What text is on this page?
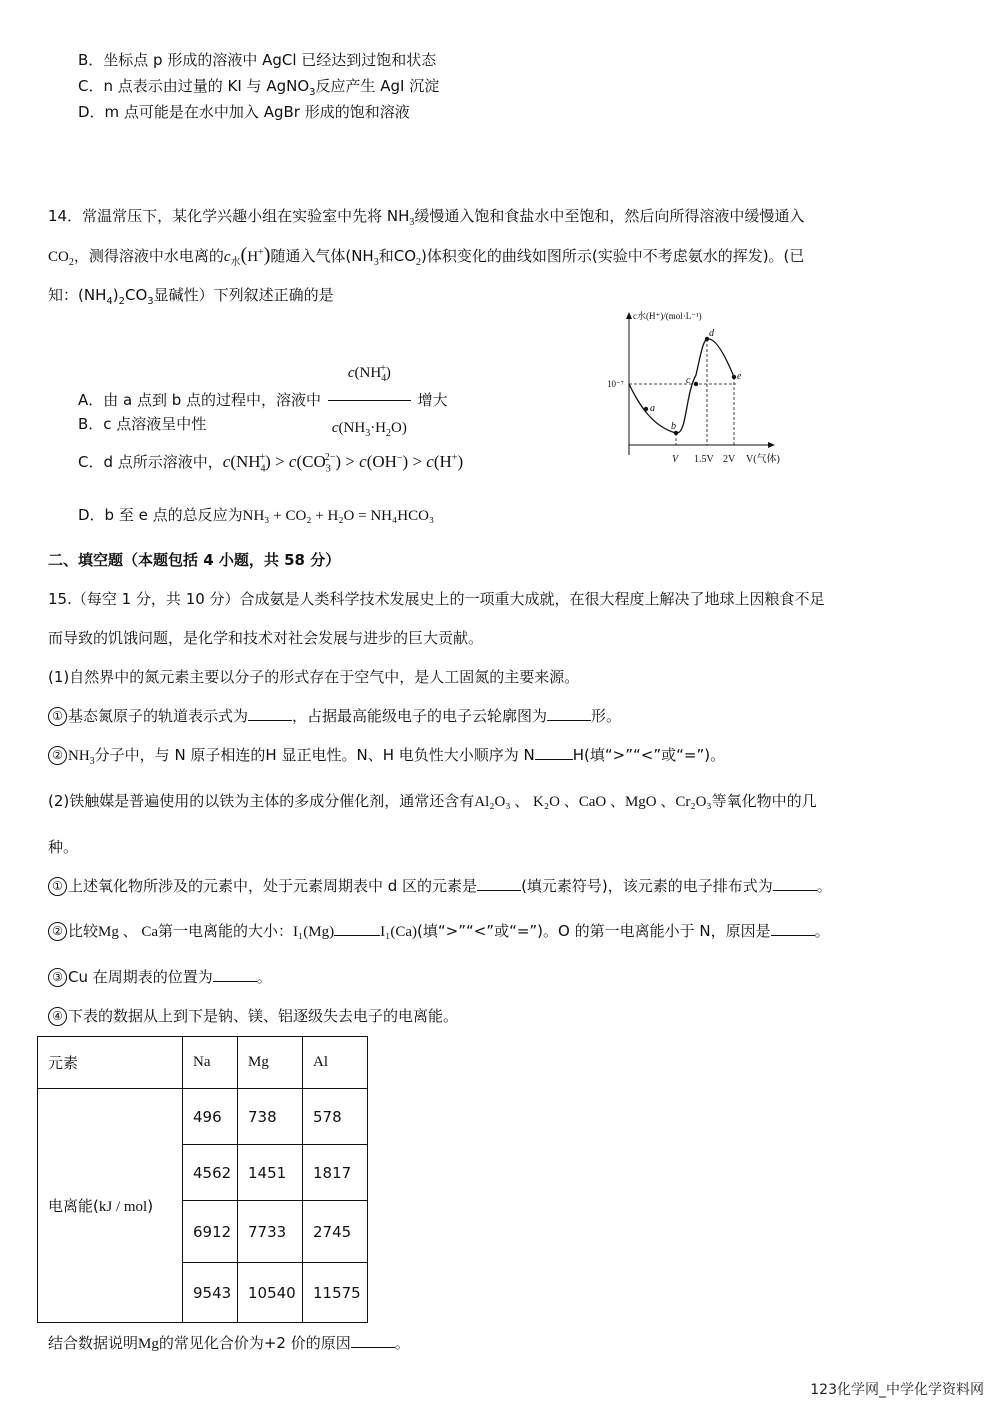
B．坐标点 p 形成的溶液中 AgCl 已经达到过饱和状态
C．n 点表示由过量的 KI 与 AgNO$_3$反应产生 AgI 沉淀
D．m 点可能是在水中加入 AgBr 形成的饱和溶液
14．常温常压下，某化学兴趣小组在实验室中先将 $NH_3$缓慢通入饱和食盐水中至饱和，然后向所得溶液中缓慢通入
$CO_2$，测得溶液中水电离的$c_水(H^+)$随通入气体($NH_3$和$CO_2$)体积变化的曲线如图所示(实验中不考虑氨水的挥发)。(已
知：$(NH_4)_2CO_3$显碱性）下列叙述正确的是
A．由 a 点到 b 点的过程中，溶液中 $\frac{c(NH_4^+)}{c(NH_3\cdot H_2O)}$ 增大
B．c 点溶液呈中性
C．d 点所示溶液中，$c(NH_4^+) > c(CO_3^{2-}) > c(OH^-) > c(H^+)$
D．b 至 e 点的总反应为NH₃ + CO₂ + H₂O = NH₄HCO₃
c水(H⁺)/(mol·L⁻¹)
10⁻⁷
a
b
c
d
e
V 1.5V 2V V(气体)
二、填空题（本题包括 4 小题，共 58 分）
15.（每空 1 分，共 10 分）合成氨是人类科学技术发展史上的一项重大成就，在很大程度上解决了地球上因粮食不足
而导致的饥饿问题，是化学和技术对社会发展与进步的巨大贡献。
(1)自然界中的氮元素主要以分子的形式存在于空气中，是人工固氮的主要来源。
① 基态氮原子的轨道表示式为	，占据最高能级电子的电子云轮廓图为	形。
② $NH_3$分子中，与 N 原子相连的H 显正电性。N、H 电负性大小顺序为 N	H(填“>”“<”或“=”)。
(2)铁触媒是普遍使用的以铁为主体的多成分催化剂，通常还含有Al₂O₃ 、 K₂O 、CaO 、MgO 、Cr₂O₃等氧化物中的几
种。
① 上述氧化物所涉及的元素中，处于元素周期表中 d 区的元素是	(填元素符号)，该元素的电子排布式为	。
② 比较Mg 、 Ca第一电离能的大小：I₁(Mg)	I₁(Ca)(填“>”“<”或“=”)。O 的第一电离能小于 N，原因是	。
③ Cu 在周期表的位置为	。
④ 下表的数据从上到下是钠、镁、铝逐级失去电子的电离能。
元素	Na	Mg	Al
电离能(kJ / mol)	496	738	578
	4562	1451	1817
	6912	7733	2745
	9543	10540	11575
结合数据说明Mg的常见化合价为+2 价的原因	。
123化学网_中学化学资料网
